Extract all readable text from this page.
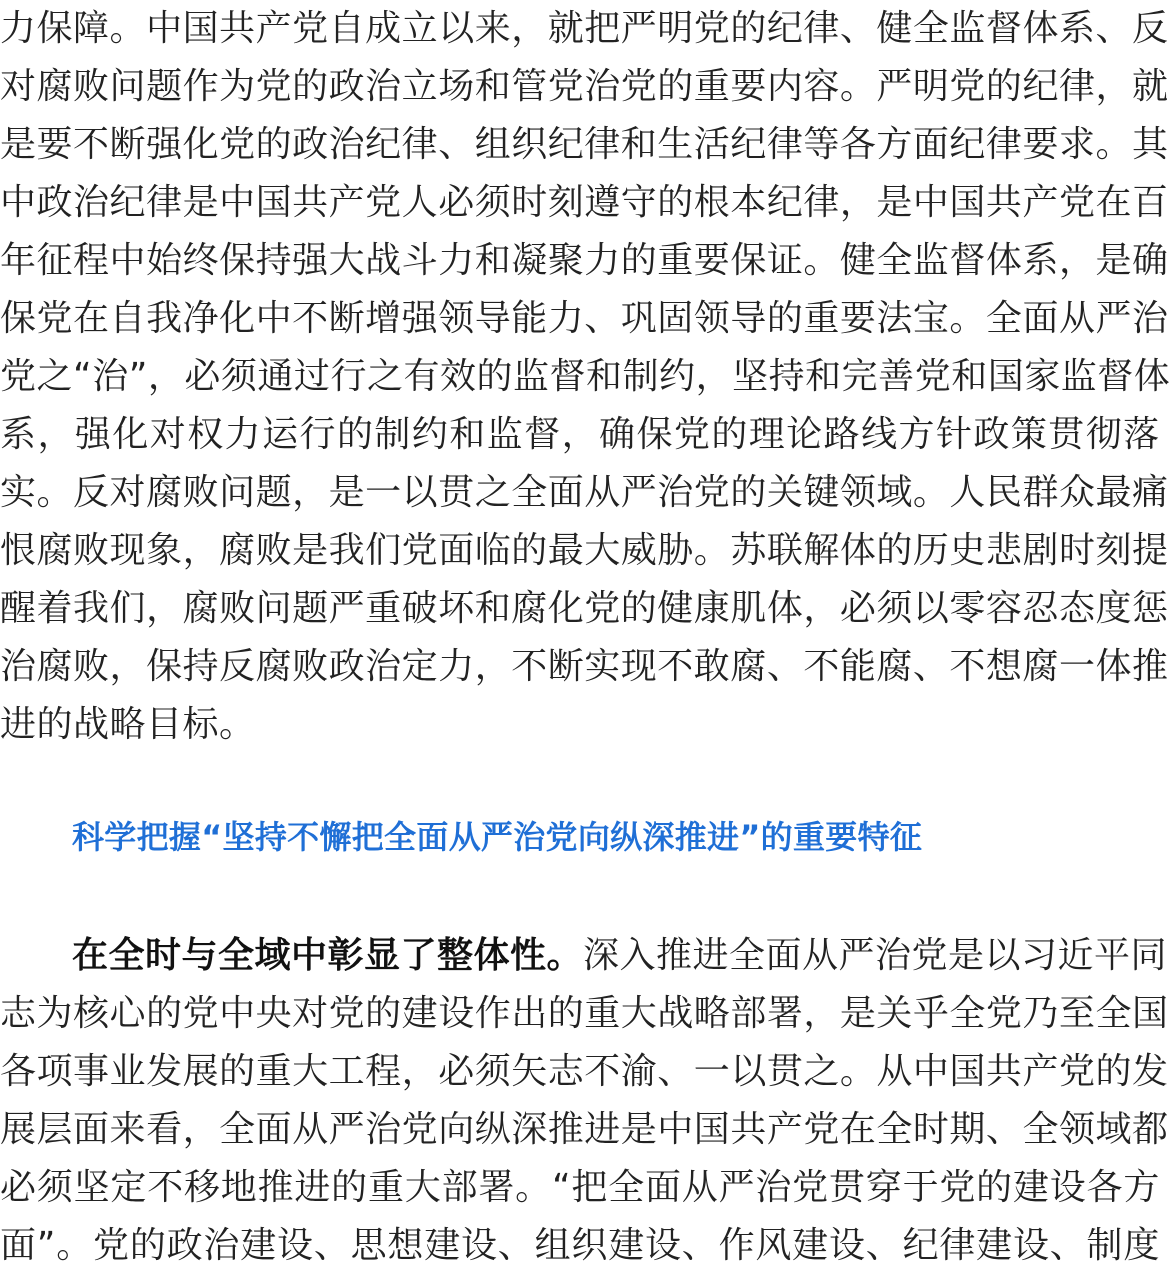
力 保 障 。 中 国 共 产 党 自 成 立 以 来 ， 就 把 严 明 党 的 纪 律 、 健 全 监 督 体 系 、 反
对 腐 败 问 题 作 为 党 的 政 治 立 场 和 管 党 治 党 的 重 要 内 容 。 严 明 党 的 纪 律 ， 就
是 要 不 断 强 化 党 的 政 治 纪 律 、 组 织 纪 律 和 生 活 纪 律 等 各 方 面 纪 律 要 求 。 其
中 政 治 纪 律 是 中 国 共 产 党 人 必 须 时 刻 遵 守 的 根 本 纪 律 ， 是 中 国 共 产 党 在 百
年 征 程 中 始 终 保 持 强 大 战 斗 力 和 凝 聚 力 的 重 要 保 证 。 健 全 监 督 体 系 ， 是 确
保 党 在 自 我 净 化 中 不 断 增 强 领 导 能 力 、 巩 固 领 导 的 重 要 法 宝 。 全 面 从 严 治
党 之 “ 治 ” ， 必 须 通 过 行 之 有 效 的 监 督 和 制 约 ， 坚 持 和 完 善 党 和 国 家 监 督 体
系 ， 强 化 对 权 力 运 行 的 制 约 和 监 督 ， 确 保 党 的 理 论 路 线 方 针 政 策 贯 彻 落
实 。 反 对 腐 败 问 题 ， 是 一 以 贯 之 全 面 从 严 治 党 的 关 键 领 域 。 人 民 群 众 最 痛
恨 腐 败 现 象 ， 腐 败 是 我 们 党 面 临 的 最 大 威 胁 。 苏 联 解 体 的 历 史 悲 剧 时 刻 提
醒 着 我 们 ， 腐 败 问 题 严 重 破 坏 和 腐 化 党 的 健 康 肌 体 ， 必 须 以 零 容 忍 态 度 惩
治 腐 败 ， 保 持 反 腐 败 政 治 定 力 ， 不 断 实 现 不 敢 腐 、 不 能 腐 、 不 想 腐 一 体 推
进的战略目标。
科学把握“坚持不懈把全面从严治党向纵深推进”的重要特征
在全时与全域中彰显了整体性。深入推进全面从严治党是以习近平同
志 为 核 心 的 党 中 央 对 党 的 建 设 作 出 的 重 大 战 略 部 署 ， 是 关 乎 全 党 乃 至 全 国
各 项 事 业 发 展 的 重 大 工 程 ， 必 须 矢 志 不 渝 、 一 以 贯 之 。 从 中 国 共 产 党 的 发
展 层 面 来 看 ， 全 面 从 严 治 党 向 纵 深 推 进 是 中 国 共 产 党 在 全 时 期 、 全 领 域 都
必 须 坚 定 不 移 地 推 进 的 重 大 部 署 。 “ 把 全 面 从 严 治 党 贯 穿 于 党 的 建 设 各 方
面 ” 。 党 的 政 治 建 设 、 思 想 建 设 、 组 织 建 设 、 作 风 建 设 、 纪 律 建 设 、 制 度
